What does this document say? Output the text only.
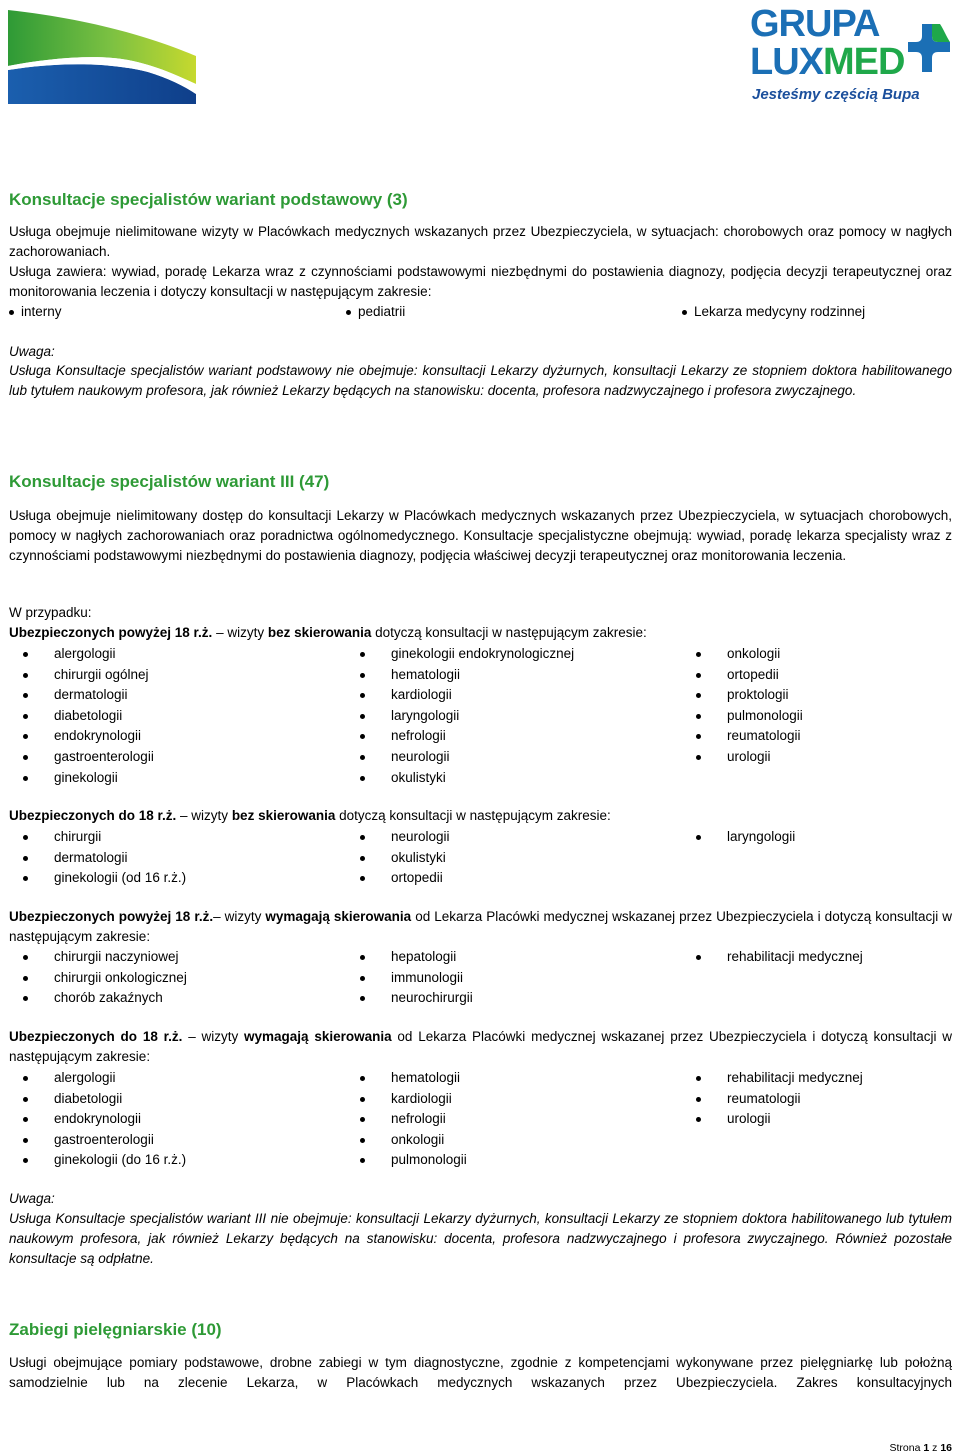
GRUPA
LUXMED
Jesteśmy częścią Bupa
Konsultacje specjalistów wariant podstawowy (3)
Usługa obejmuje nielimitowane wizyty w Placówkach medycznych wskazanych przez Ubezpieczyciela, w sytuacjach: chorobowych oraz pomocy w nagłych zachorowaniach.
Usługa zawiera: wywiad, poradę Lekarza wraz z czynnościami podstawowymi niezbędnymi do postawienia diagnozy, podjęcia decyzji terapeutycznej oraz monitorowania leczenia i dotyczy konsultacji w następującym zakresie:
interny	pediatrii	Lekarza medycyny rodzinnej
Uwaga:
Usługa Konsultacje specjalistów wariant podstawowy nie obejmuje: konsultacji Lekarzy dyżurnych, konsultacji Lekarzy ze stopniem doktora habilitowanego lub tytułem naukowym profesora, jak również Lekarzy będących na stanowisku: docenta, profesora nadzwyczajnego i profesora zwyczajnego.
Konsultacje specjalistów wariant III (47)
Usługa obejmuje nielimitowany dostęp do konsultacji Lekarzy w Placówkach medycznych wskazanych przez Ubezpieczyciela, w sytuacjach chorobowych, pomocy w nagłych zachorowaniach oraz poradnictwa ogólnomedycznego. Konsultacje specjalistyczne obejmują: wywiad, poradę lekarza specjalisty wraz z czynnościami podstawowymi niezbędnymi do postawienia diagnozy, podjęcia właściwej decyzji terapeutycznej oraz monitorowania leczenia.
W przypadku:
Ubezpieczonych powyżej 18 r.ż. – wizyty bez skierowania dotyczą konsultacji w następującym zakresie:
alergologii
chirurgii ogólnej
dermatologii
diabetologii
endokrynologii
gastroenterologii
ginekologii
ginekologii endokrynologicznej
hematologii
kardiologii
laryngologii
nefrologii
neurologii
okulistyki
onkologii
ortopedii
proktologii
pulmonologii
reumatologii
urologii
Ubezpieczonych do 18 r.ż. – wizyty bez skierowania dotyczą konsultacji w następującym zakresie:
chirurgii
dermatologii
ginekologii (od 16 r.ż.)
neurologii
okulistyki
ortopedii
laryngologii
Ubezpieczonych powyżej 18 r.ż.– wizyty wymagają skierowania od Lekarza Placówki medycznej wskazanej przez Ubezpieczyciela i dotyczą konsultacji w następującym zakresie:
chirurgii naczyniowej
chirurgii onkologicznej
chorób zakaźnych
hepatologii
immunologii
neurochirurgii
rehabilitacji medycznej
Ubezpieczonych do 18 r.ż. – wizyty wymagają skierowania od Lekarza Placówki medycznej wskazanej przez Ubezpieczyciela i dotyczą konsultacji w następującym zakresie:
alergologii
diabetologii
endokrynologii
gastroenterologii
ginekologii (do 16 r.ż.)
hematologii
kardiologii
nefrologii
onkologii
pulmonologii
rehabilitacji medycznej
reumatologii
urologii
Uwaga:
Usługa Konsultacje specjalistów wariant III nie obejmuje: konsultacji Lekarzy dyżurnych, konsultacji Lekarzy ze stopniem doktora habilitowanego lub tytułem naukowym profesora, jak również Lekarzy będących na stanowisku: docenta, profesora nadzwyczajnego i profesora zwyczajnego. Również pozostałe konsultacje są odpłatne.
Zabiegi pielęgniarskie (10)
Usługi obejmujące pomiary podstawowe, drobne zabiegi w tym diagnostyczne, zgodnie z kompetencjami wykonywane przez pielęgniarkę lub położną samodzielnie lub na zlecenie Lekarza, w Placówkach medycznych wskazanych przez Ubezpieczyciela. Zakres konsultacyjnych
Strona 1 z 16
